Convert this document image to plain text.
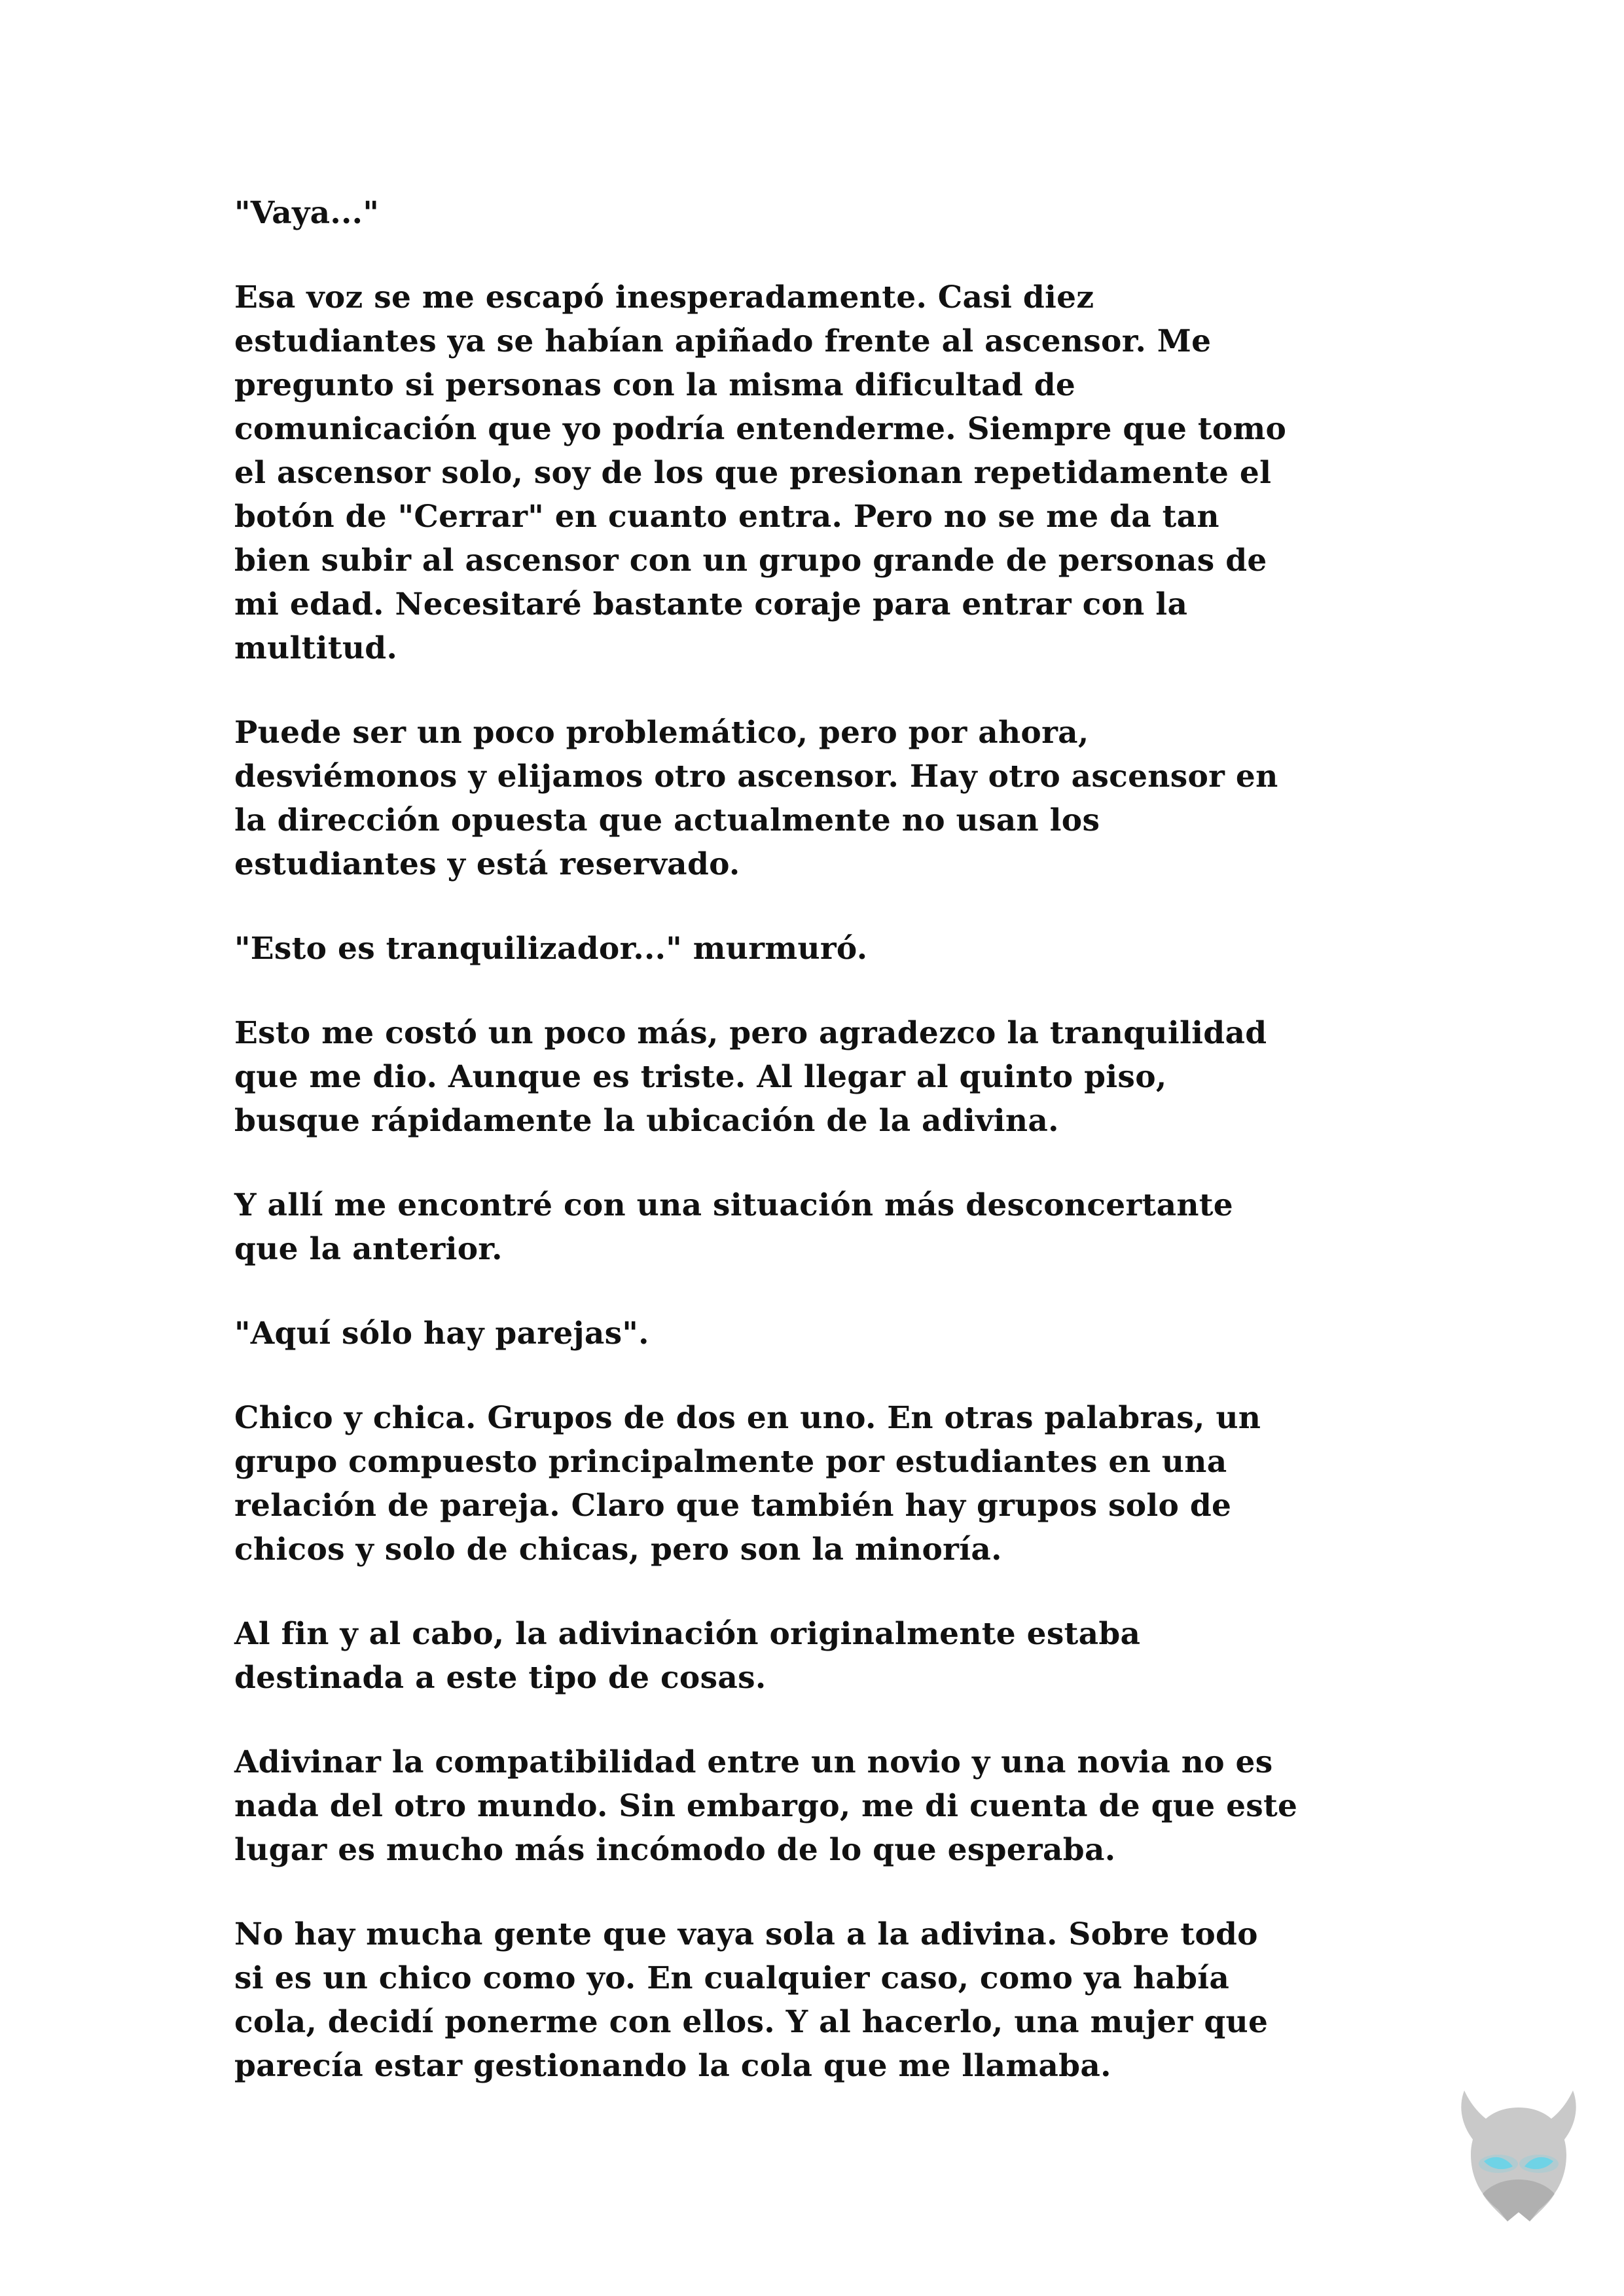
"Vaya..."

Esa voz se me escapó inesperadamente. Casi diez
estudiantes ya se habían apiñado frente al ascensor. Me
pregunto si personas con la misma dificultad de
comunicación que yo podría entenderme. Siempre que tomo
el ascensor solo, soy de los que presionan repetidamente el
botón de "Cerrar" en cuanto entra. Pero no se me da tan
bien subir al ascensor con un grupo grande de personas de
mi edad. Necesitaré bastante coraje para entrar con la
multitud.

Puede ser un poco problemático, pero por ahora,
desviémonos y elijamos otro ascensor. Hay otro ascensor en
la dirección opuesta que actualmente no usan los
estudiantes y está reservado.

"Esto es tranquilizador..." murmuró.

Esto me costó un poco más, pero agradezco la tranquilidad
que me dio. Aunque es triste. Al llegar al quinto piso,
busque rápidamente la ubicación de la adivina.

Y allí me encontré con una situación más desconcertante
que la anterior.

"Aquí sólo hay parejas".

Chico y chica. Grupos de dos en uno. En otras palabras, un
grupo compuesto principalmente por estudiantes en una
relación de pareja. Claro que también hay grupos solo de
chicos y solo de chicas, pero son la minoría.

Al fin y al cabo, la adivinación originalmente estaba
destinada a este tipo de cosas.

Adivinar la compatibilidad entre un novio y una novia no es
nada del otro mundo. Sin embargo, me di cuenta de que este
lugar es mucho más incómodo de lo que esperaba.

No hay mucha gente que vaya sola a la adivina. Sobre todo
si es un chico como yo. En cualquier caso, como ya había
cola, decidí ponerme con ellos. Y al hacerlo, una mujer que
parecía estar gestionando la cola que me llamaba.
